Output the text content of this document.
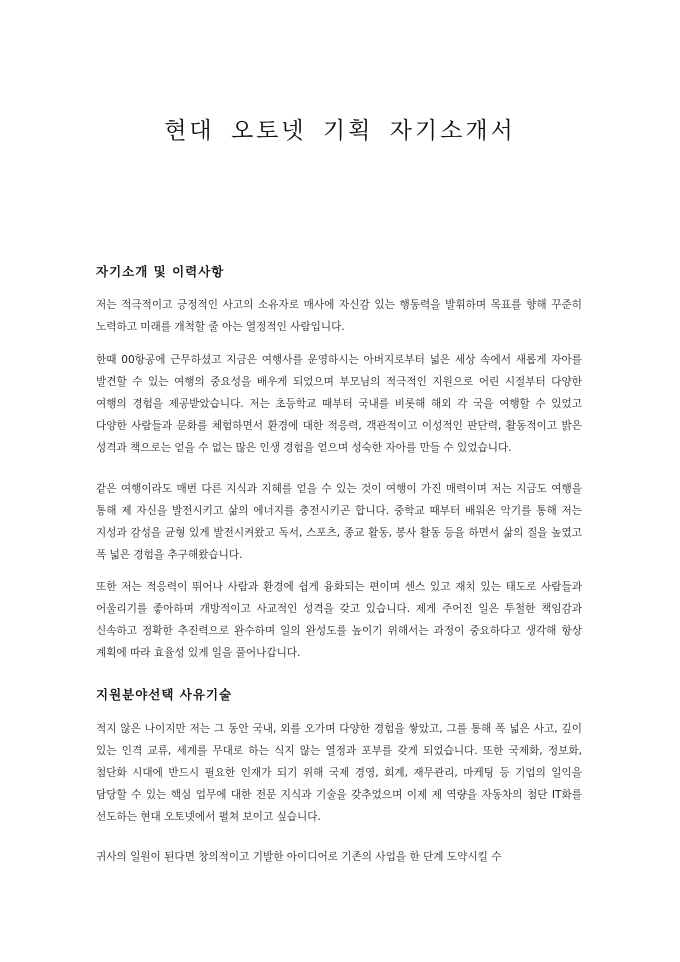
현대 오토넷 기획 자기소개서
자기소개 및 이력사항

저는 적극적이고 긍정적인 사고의 소유자로 매사에 자신감 있는 행동력을 발휘하며 목표를 향해 꾸준히 노력하고 미래를 개척할 줄 아는 열정적인 사람입니다.

한때 00항공에 근무하셨고 지금은 여행사를 운영하시는 아버지로부터 넓은 세상 속에서 새롭게 자아를 발견할 수 있는 여행의 중요성을 배우게 되었으며 부모님의 적극적인 지원으로 어린 시절부터 다양한 여행의 경험을 제공받았습니다. 저는 초등학교 때부터 국내를 비롯해 해외 각 국을 여행할 수 있었고 다양한 사람들과 문화를 체험하면서 환경에 대한 적응력, 객관적이고 이성적인 판단력, 활동적이고 밝은 성격과 책으로는 얻을 수 없는 많은 인생 경험을 얻으며 성숙한 자아를 만들 수 있었습니다.

같은 여행이라도 매번 다른 지식과 지혜를 얻을 수 있는 것이 여행이 가진 매력이며 저는 지금도 여행을 통해 제 자신을 발전시키고 삶의 에너지를 충전시키곤 합니다. 중학교 때부터 배워온 악기를 통해 저는 지성과 감성을 균형 있게 발전시켜왔고 독서, 스포츠, 종교 활동, 봉사 활동 등을 하면서 삶의 질을 높였고 폭 넓은 경험을 추구해왔습니다.

또한 저는 적응력이 뛰어나 사람과 환경에 쉽게 융화되는 편이며 센스 있고 재치 있는 태도로 사람들과 어울리기를 좋아하며 개방적이고 사교적인 성격을 갖고 있습니다. 제게 주어진 일은 투철한 책임감과 신속하고 정확한 추진력으로 완수하며 일의 완성도를 높이기 위해서는 과정이 중요하다고 생각해 항상 계획에 따라 효율성 있게 일을 풀어나갑니다.

지원분야선택 사유기술

적지 않은 나이지만 저는 그 동안 국내, 외를 오가며 다양한 경험을 쌓았고, 그를 통해 폭 넓은 사고, 깊이 있는 인격 교류, 세계를 무대로 하는 식지 않는 열정과 포부를 갖게 되었습니다. 또한 국제화, 정보화, 첨단화 시대에 반드시 필요한 인재가 되기 위해 국제 경영, 회계, 재무관리, 마케팅 등 기업의 일익을 담당할 수 있는 핵심 업무에 대한 전문 지식과 기술을 갖추었으며 이제 제 역량을 자동차의 첨단 IT화를 선도하는 현대 오토넷에서 펼쳐 보이고 싶습니다.

귀사의 일원이 된다면 창의적이고 기발한 아이디어로 기존의 사업을 한 단계 도약시킬 수
